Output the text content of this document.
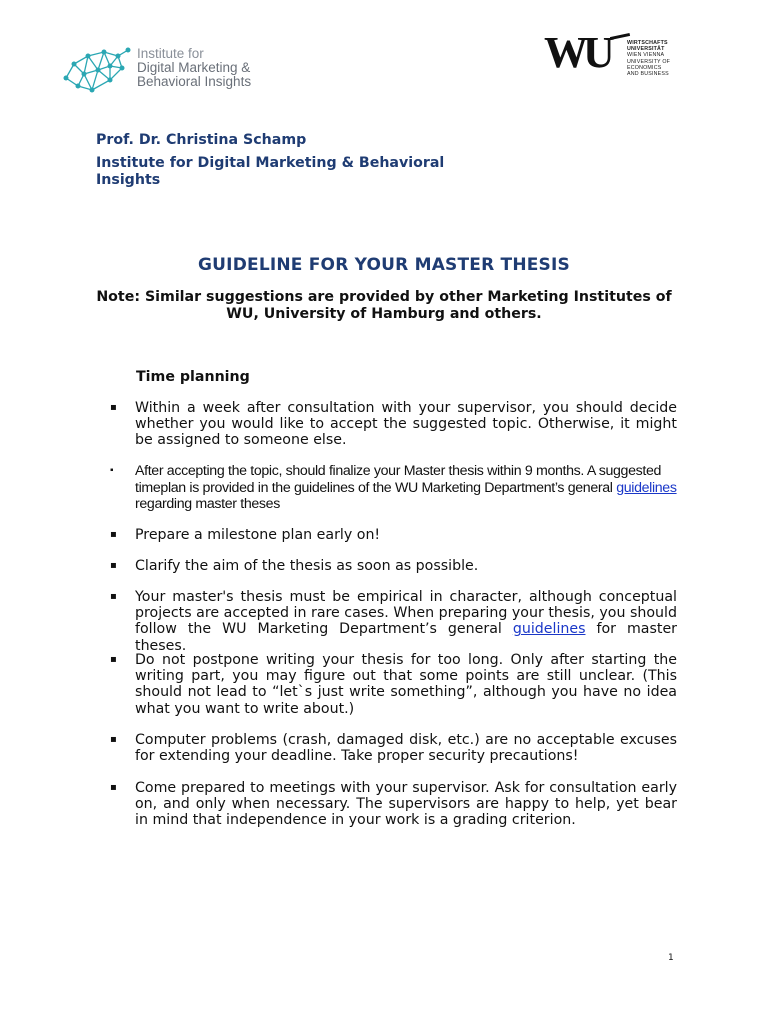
Institute for
Digital Marketing &
Behavioral Insights
WU	WIRTSCHAFTS
UNIVERSITÄT
WIEN VIENNA
UNIVERSITY OF
ECONOMICS
AND BUSINESS
Prof. Dr. Christina Schamp
Institute for Digital Marketing & Behavioral Insights
GUIDELINE FOR YOUR MASTER THESIS
Note: Similar suggestions are provided by other Marketing Institutes of WU, University of Hamburg and others.
Time planning
▪ Within a week after consultation with your supervisor, you should decide whether you would like to accept the suggested topic. Otherwise, it might be assigned to someone else.
▪ After accepting the topic, should finalize your Master thesis within 9 months. A suggested timeplan is provided in the guidelines of the WU Marketing Department’s general guidelines regarding master theses
▪ Prepare a milestone plan early on!
▪ Clarify the aim of the thesis as soon as possible.
▪ Your master's thesis must be empirical in character, although conceptual projects are accepted in rare cases. When preparing your thesis, you should follow the WU Marketing Department’s general guidelines for master theses.
▪ Do not postpone writing your thesis for too long. Only after starting the writing part, you may figure out that some points are still unclear. (This should not lead to “let`s just write something”, although you have no idea what you want to write about.)
▪ Computer problems (crash, damaged disk, etc.) are no acceptable excuses for extending your deadline. Take proper security precautions!
▪ Come prepared to meetings with your supervisor. Ask for consultation early on, and only when necessary. The supervisors are happy to help, yet bear in mind that independence in your work is a grading criterion.
1
